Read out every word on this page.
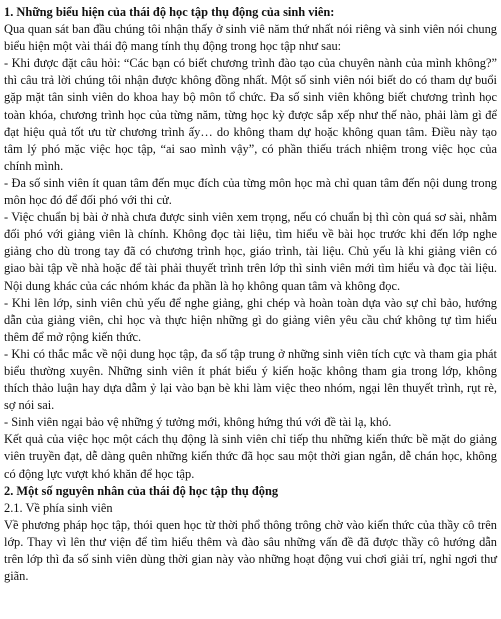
1. Những biểu hiện của thái độ học tập thụ động của sinh viên:

Qua quan sát ban đầu chúng tôi nhận thấy ở sinh viê năm thứ nhất nói riêng và sinh viên nói chung biểu hiện một vài thái độ mang tính thụ động trong học tập như sau:

- Khi được đặt câu hỏi: “Các bạn có biết chương trình đào tạo của chuyên nành của mình không?” thì câu trả lời chúng tôi nhận được không đồng nhất. Một số sinh viên nói biết do có tham dự buổi gặp mặt tân sinh viên do khoa hay bộ môn tổ chức. Đa số sinh viên không biết chương trình học toàn khóa, chương trình học của từng năm, từng học kỳ được sắp xếp như thế nào, phải làm gì để đạt hiệu quả tốt ưu từ chương trình ấy… do không tham dự hoặc không quan tâm. Điều này tạo tâm lý phó mặc việc học tập, “ai sao mình vậy”, có phần thiếu trách nhiệm trong việc học của chính mình.

- Đa số sinh viên ít quan tâm đến mục đích của từng môn học mà chỉ quan tâm đến nội dung trong môn học đó để đối phó với thi cử.

- Việc chuẩn bị bài ở nhà chưa được sinh viên xem trọng, nếu có chuẩn bị thì còn quá sơ sài, nhằm đối phó với giảng viên là chính. Không đọc tài liệu, tìm hiểu về bài học trước khi đến lớp nghe giảng cho dù trong tay đã có chương trình học, giáo trình, tài liệu. Chủ yếu là khi giảng viên có giao bài tập về nhà hoặc để tài phải thuyết trình trên lớp thì sinh viên mới tìm hiểu và đọc tài liệu. Nội dung khác của các nhóm khác đa phần là họ không quan tâm và không đọc.

- Khi lên lớp, sinh viên chủ yếu để nghe giảng, ghi chép và hoàn toàn dựa vào sự chỉ bảo, hướng dẫn của giảng viên, chỉ học và thực hiện những gì do giảng viên yêu cầu chứ không tự tìm hiểu thêm để mở rộng kiến thức.

- Khi có thắc mắc về nội dung học tập, đa số tập trung ở những sinh viên tích cực và tham gia phát biểu thường xuyên. Những sinh viên ít phát biểu ý kiến hoặc không tham gia trong lớp, không thích thảo luận hay dựa dẫm ỷ lại vào bạn bè khi làm việc theo nhóm, ngại lên thuyết trình, rụt rè, sợ nói sai.

- Sinh viên ngại bảo vệ những ý tưởng mới, không hứng thú với đề tài lạ, khó.

Kết quả của việc học một cách thụ động là sinh viên chỉ tiếp thu những kiến thức bề mặt do giảng viên truyền đạt, dễ dàng quên những kiến thức đã học sau một thời gian ngắn, dễ chán học, không có động lực vượt khó khăn để học tập.

2. Một số nguyên nhân của thái độ học tập thụ động

2.1. Về phía sinh viên

Về phương pháp học tập, thói quen học từ thời phổ thông trông chờ vào kiến thức của thầy cô trên lớp. Thay vì lên thư viện để tìm hiểu thêm và đào sâu những vấn đề đã được thầy cô hướng dẫn trên lớp thì đa số sinh viên dùng thời gian này vào những hoạt động vui chơi giải trí, nghỉ ngơi thư giãn.
